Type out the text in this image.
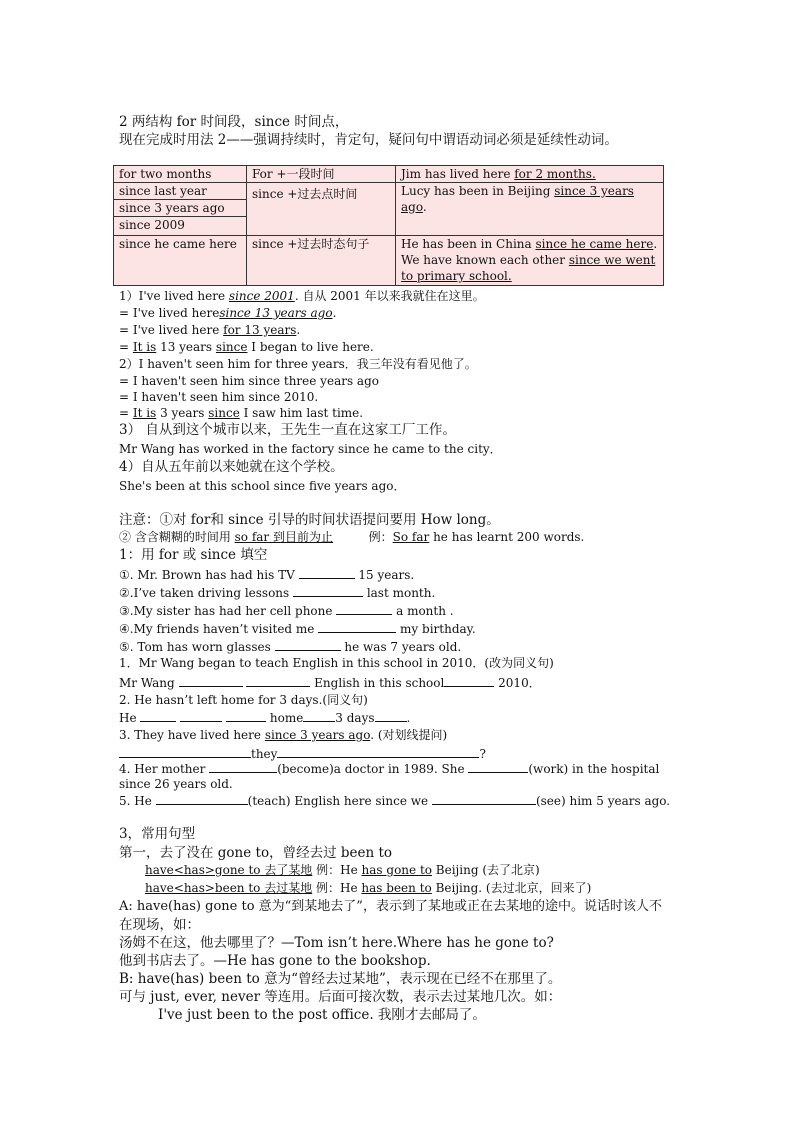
2 两结构 for 时间段，since 时间点，
现在完成时用法 2——强调持续时，肯定句，疑问句中谓语动词必须是延续性动词。
for two months	For +一段时间	Jim has lived here for 2 months.

since last year
since 3 years ago
since 2009	since +过去点时间	Lucy has been in Beijing since 3 years ago.
since he came here	since +过去时态句子	He has been in China since he came here.
We have known each other since we went to primary school.
1）I've lived here since 2001. 自从 2001 年以来我就住在这里。
= I've lived heresince 13 years ago.
= I've lived here for 13 years.
= It is 13 years since I began to live here.
2）I haven't seen him for three years．我三年没有看见他了。
= I haven't seen him since three years ago
= I haven't seen him since 2010.
= It is 3 years since I saw him last time.
3） 自从到这个城市以来，王先生一直在这家工厂工作。
Mr Wang has worked in the factory since he came to the city．
4）自从五年前以来她就在这个学校。
She's been at this school since five years ago．
注意：①对 for和 since 引导的时间状语提问要用 How long。
② 含含糊糊的时间用 so far 到目前为止	例：So far he has learnt 200 words.
1：用 for 或 since 填空
①. Mr. Brown has had his TV	15 years.
②.I’ve taken driving lessons	last month.
③.My sister has had her cell phone	a month .
④.My friends haven’t visited me	my birthday.
⑤. Tom has worn glasses	he was 7 years old.
1．Mr Wang began to teach English in this school in 2010．(改为同义句)
Mr Wang	English in this school	2010．
2. He hasn’t left home for 3 days.(同义句)
He	home	3 days	.
3. They have lived here since 3 years ago. (对划线提问)
they	?
4. Her mother	(become)a doctor in 1989. She	(work) in the hospital
since 26 years old.
5. He	(teach) English here since we	(see) him 5 years ago.
3，常用句型
第一，去了没在 gone to，曾经去过 been to
have<has>gone to 去了某地 例：He has gone to Beijing (去了北京)
have<has>been to 去过某地 例：He has been to Beijing. (去过北京，回来了)
A: have(has) gone to 意为“到某地去了”，表示到了某地或正在去某地的途中。说话时该人不
在现场，如：
汤姆不在这，他去哪里了？—Tom isn’t here.Where has he gone to?
他到书店去了。—He has gone to the bookshop.
B: have(has) been to 意为“曾经去过某地”，表示现在已经不在那里了。
可与 just, ever, never 等连用。后面可接次数，表示去过某地几次。如：
I've just been to the post office. 我刚才去邮局了。
